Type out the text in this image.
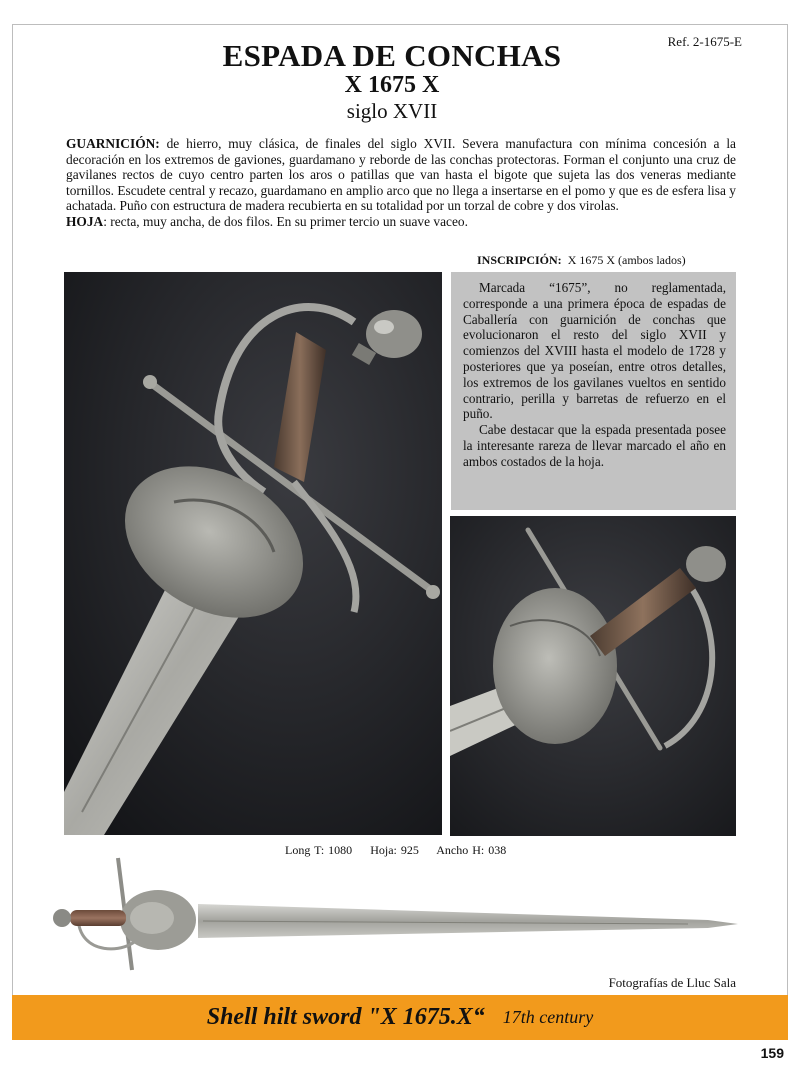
Ref. 2-1675-E
ESPADA DE CONCHAS
X 1675 X
siglo XVII

GUARNICIÓN: de hierro, muy clásica, de finales del siglo XVII. Severa manufactura con mínima concesión a la decoración en los extremos de gaviones, guardamano y reborde de las conchas protectoras. Forman el conjunto una cruz de gavilanes rectos de cuyo centro parten los aros o patillas que van hasta el bigote que sujeta las dos veneras mediante tornillos. Escudete central y recazo, guardamano en amplio arco que no llega a insertarse en el pomo y que es de esfera lisa y achatada. Puño con estructura de madera recubierta en su totalidad por un torzal de cobre y dos virolas.
HOJA: recta, muy ancha, de dos filos. En su primer tercio un suave vaceo.

INSCRIPCIÓN: X 1675 X (ambos lados)

Marcada “1675”, no reglamentada, corresponde a una primera época de espadas de Caballería con guarnición de conchas que evolucionaron el resto del siglo XVII y comienzos del XVIII hasta el modelo de 1728 y posteriores que ya poseían, entre otros detalles, los extremos de los gavilanes vueltos en sentido contrario, perilla y barretas de refuerzo en el puño.

Cabe destacar que la espada presentada posee la interesante rareza de llevar marcado el año en ambos costados de la hoja.

Long T: 1080 Hoja: 925 Ancho H: 038
Fotografías de Lluc Sala
Shell hilt sword "X 1675.X“ 17th century
159
